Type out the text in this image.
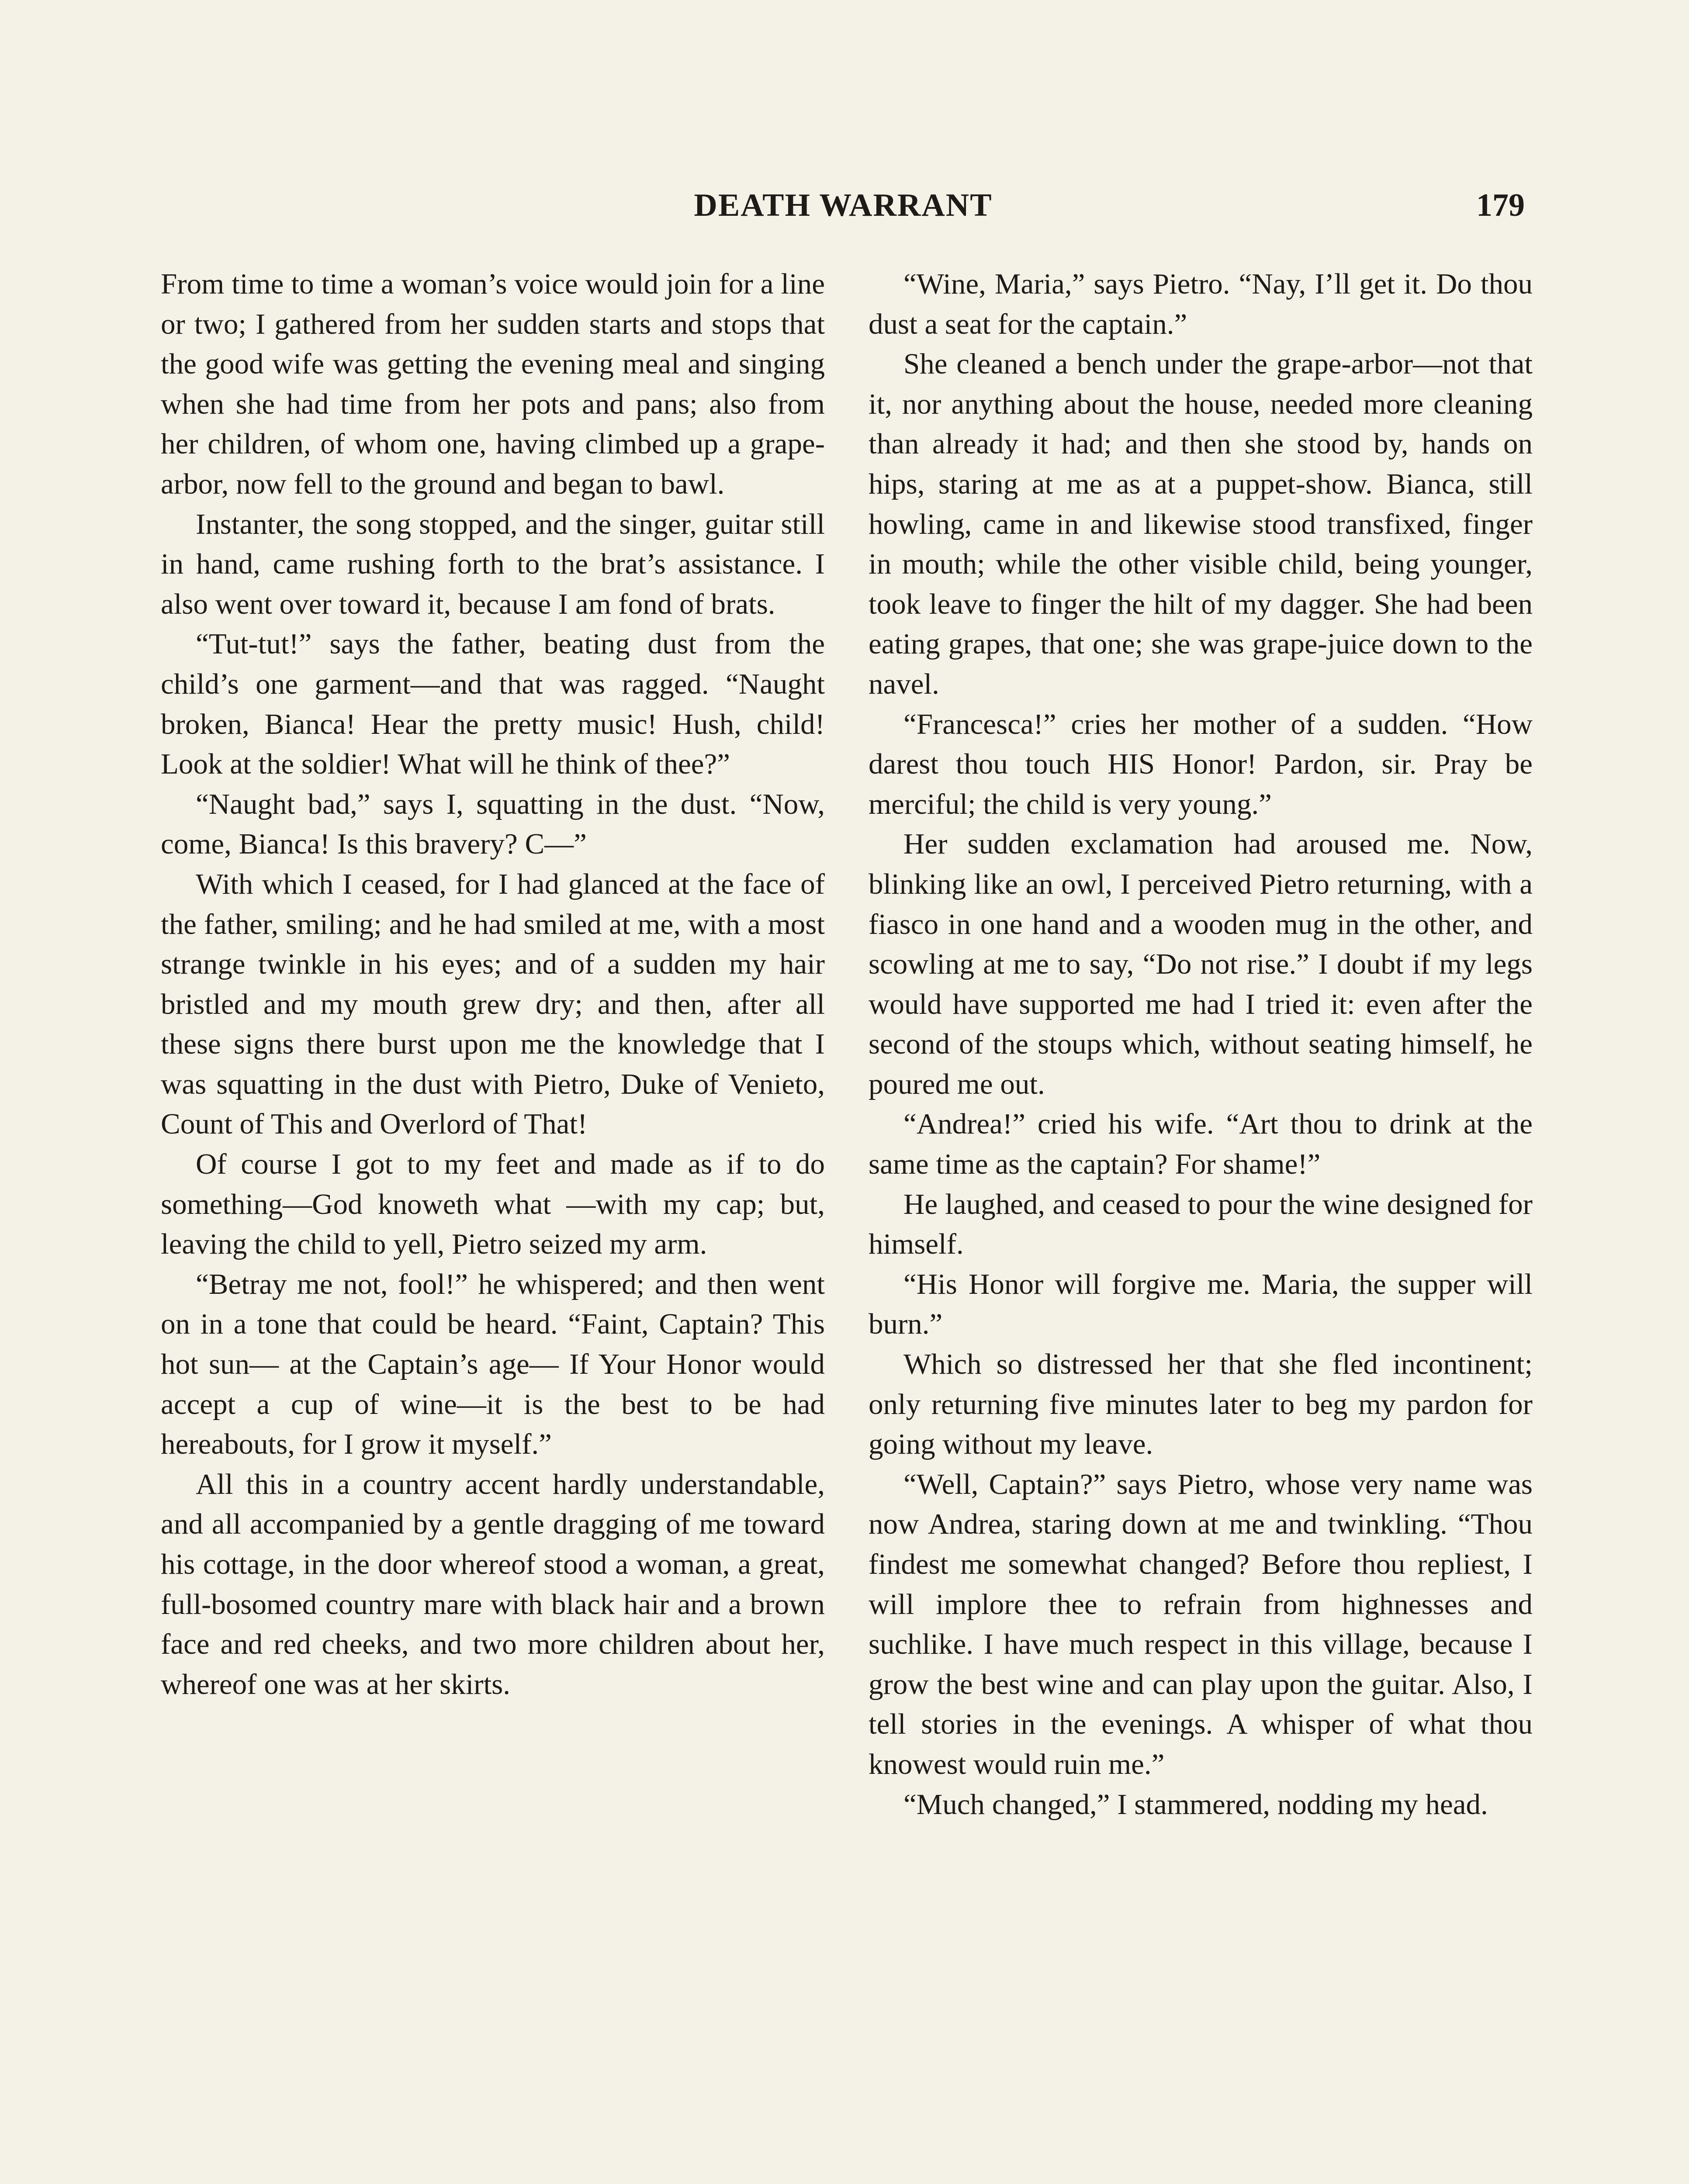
DEATH WARRANT	179

From time to time a woman’s voice would join for a line or two; I gathered from her sudden starts and stops that the good wife was getting the evening meal and singing when she had time from her pots and pans; also from her children, of whom one, having climbed up a grape-arbor, now fell to the ground and began to bawl.

Instanter, the song stopped, and the singer, guitar still in hand, came rushing forth to the brat’s assistance. I also went over toward it, because I am fond of brats.

“Tut-tut!” says the father, beating dust from the child’s one garment—and that was ragged. “Naught broken, Bianca! Hear the pretty music! Hush, child! Look at the soldier! What will he think of thee?”

“Naught bad,” says I, squatting in the dust. “Now, come, Bianca! Is this bravery? C—”

With which I ceased, for I had glanced at the face of the father, smiling; and he had smiled at me, with a most strange twinkle in his eyes; and of a sudden my hair bristled and my mouth grew dry; and then, after all these signs there burst upon me the knowledge that I was squatting in the dust with Pietro, Duke of Venieto, Count of This and Overlord of That!

Of course I got to my feet and made as if to do something—God knoweth what —with my cap; but, leaving the child to yell, Pietro seized my arm.

“Betray me not, fool!” he whispered; and then went on in a tone that could be heard. “Faint, Captain? This hot sun— at the Captain’s age— If Your Honor would accept a cup of wine—it is the best to be had hereabouts, for I grow it myself.”

All this in a country accent hardly understandable, and all accompanied by a gentle dragging of me toward his cottage, in the door whereof stood a woman, a great, full-bosomed country mare with black hair and a brown face and red cheeks, and two more children about her, whereof one was at her skirts.

“Wine, Maria,” says Pietro. “Nay, I’ll get it. Do thou dust a seat for the captain.”

She cleaned a bench under the grape-arbor—not that it, nor anything about the house, needed more cleaning than already it had; and then she stood by, hands on hips, staring at me as at a puppet-show. Bianca, still howling, came in and likewise stood transfixed, finger in mouth; while the other visible child, being younger, took leave to finger the hilt of my dagger. She had been eating grapes, that one; she was grape-juice down to the navel.

“Francesca!” cries her mother of a sudden. “How darest thou touch HIS Honor! Pardon, sir. Pray be merciful; the child is very young.”

Her sudden exclamation had aroused me. Now, blinking like an owl, I perceived Pietro returning, with a fiasco in one hand and a wooden mug in the other, and scowling at me to say, “Do not rise.” I doubt if my legs would have supported me had I tried it: even after the second of the stoups which, without seating himself, he poured me out.

“Andrea!” cried his wife. “Art thou to drink at the same time as the captain? For shame!”

He laughed, and ceased to pour the wine designed for himself.

“His Honor will forgive me. Maria, the supper will burn.”

Which so distressed her that she fled incontinent; only returning five minutes later to beg my pardon for going without my leave.

“Well, Captain?” says Pietro, whose very name was now Andrea, staring down at me and twinkling. “Thou findest me somewhat changed? Before thou repliest, I will implore thee to refrain from highnesses and suchlike. I have much respect in this village, because I grow the best wine and can play upon the guitar. Also, I tell stories in the evenings. A whisper of what thou knowest would ruin me.”

“Much changed,” I stammered, nodding my head.
